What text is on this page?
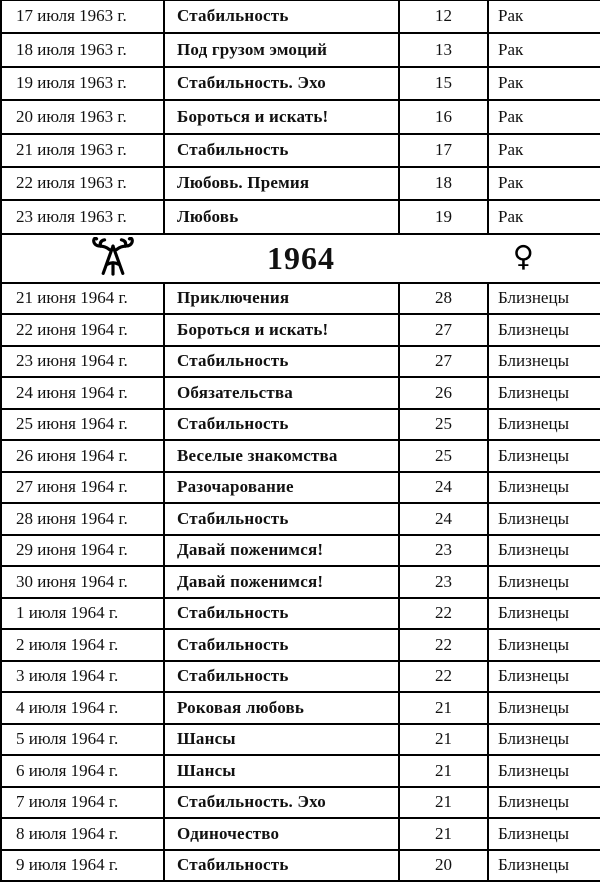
17 июля 1963 г.	Стабильность	12	Рак
18 июля 1963 г.	Под грузом эмоций	13	Рак
19 июля 1963 г.	Стабильность. Эхо	15	Рак
20 июля 1963 г.	Бороться и искать!	16	Рак
21 июля 1963 г.	Стабильность	17	Рак
22 июля 1963 г.	Любовь. Премия	18	Рак
23 июля 1963 г.	Любовь	19	Рак

1964 ♀			

21 июня 1964 г.	Приключения	28	Близнецы
22 июня 1964 г.	Бороться и искать!	27	Близнецы
23 июня 1964 г.	Стабильность	27	Близнецы
24 июня 1964 г.	Обязательства	26	Близнецы
25 июня 1964 г.	Стабильность	25	Близнецы
26 июня 1964 г.	Веселые знакомства	25	Близнецы
27 июня 1964 г.	Разочарование	24	Близнецы
28 июня 1964 г.	Стабильность	24	Близнецы
29 июня 1964 г.	Давай поженимся!	23	Близнецы
30 июня 1964 г.	Давай поженимся!	23	Близнецы
1 июля 1964 г.	Стабильность	22	Близнецы
2 июля 1964 г.	Стабильность	22	Близнецы
3 июля 1964 г.	Стабильность	22	Близнецы
4 июля 1964 г.	Роковая любовь	21	Близнецы
5 июля 1964 г.	Шансы	21	Близнецы
6 июля 1964 г.	Шансы	21	Близнецы
7 июля 1964 г.	Стабильность. Эхо	21	Близнецы
8 июля 1964 г.	Одиночество	21	Близнецы
9 июля 1964 г.	Стабильность	20	Близнецы
